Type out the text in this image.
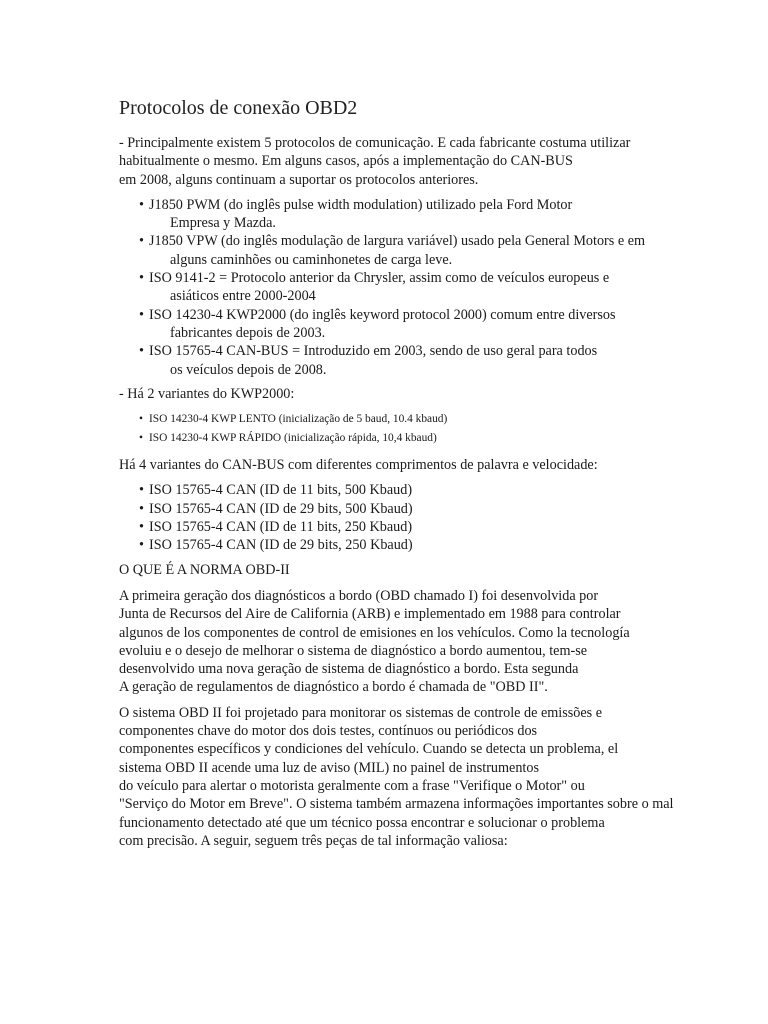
Protocolos de conexão OBD2

- Principalmente existem 5 protocolos de comunicação. E cada fabricante costuma utilizar
habitualmente o mesmo. Em alguns casos, após a implementação do CAN-BUS
em 2008, alguns continuam a suportar os protocolos anteriores.

• J1850 PWM (do inglês pulse width modulation) utilizado pela Ford Motor
Empresa y Mazda.
• J1850 VPW (do inglês modulação de largura variável) usado pela General Motors e em
alguns caminhões ou caminhonetes de carga leve.
• ISO 9141-2 = Protocolo anterior da Chrysler, assim como de veículos europeus e
asiáticos entre 2000-2004
• ISO 14230-4 KWP2000 (do inglês keyword protocol 2000) comum entre diversos
fabricantes depois de 2003.
• ISO 15765-4 CAN-BUS = Introduzido em 2003, sendo de uso geral para todos
os veículos depois de 2008.

- Há 2 variantes do KWP2000:

• ISO 14230-4 KWP LENTO (inicialização de 5 baud, 10.4 kbaud)
• ISO 14230-4 KWP RÁPIDO (inicialização rápida, 10,4 kbaud)

Há 4 variantes do CAN-BUS com diferentes comprimentos de palavra e velocidade:

• ISO 15765-4 CAN (ID de 11 bits, 500 Kbaud)
• ISO 15765-4 CAN (ID de 29 bits, 500 Kbaud)
• ISO 15765-4 CAN (ID de 11 bits, 250 Kbaud)
• ISO 15765-4 CAN (ID de 29 bits, 250 Kbaud)

O QUE É A NORMA OBD-II

A primeira geração dos diagnósticos a bordo (OBD chamado I) foi desenvolvida por
Junta de Recursos del Aire de California (ARB) e implementado em 1988 para controlar
algunos de los componentes de control de emisiones en los vehículos. Como la tecnología
evoluiu e o desejo de melhorar o sistema de diagnóstico a bordo aumentou, tem-se
desenvolvido uma nova geração de sistema de diagnóstico a bordo. Esta segunda
A geração de regulamentos de diagnóstico a bordo é chamada de "OBD II".

O sistema OBD II foi projetado para monitorar os sistemas de controle de emissões e
componentes chave do motor dos dois testes, contínuos ou periódicos dos
componentes específicos y condiciones del vehículo. Cuando se detecta un problema, el
sistema OBD II acende uma luz de aviso (MIL) no painel de instrumentos
do veículo para alertar o motorista geralmente com a frase "Verifique o Motor" ou
"Serviço do Motor em Breve". O sistema também armazena informações importantes sobre o mal
funcionamento detectado até que um técnico possa encontrar e solucionar o problema
com precisão. A seguir, seguem três peças de tal informação valiosa:
